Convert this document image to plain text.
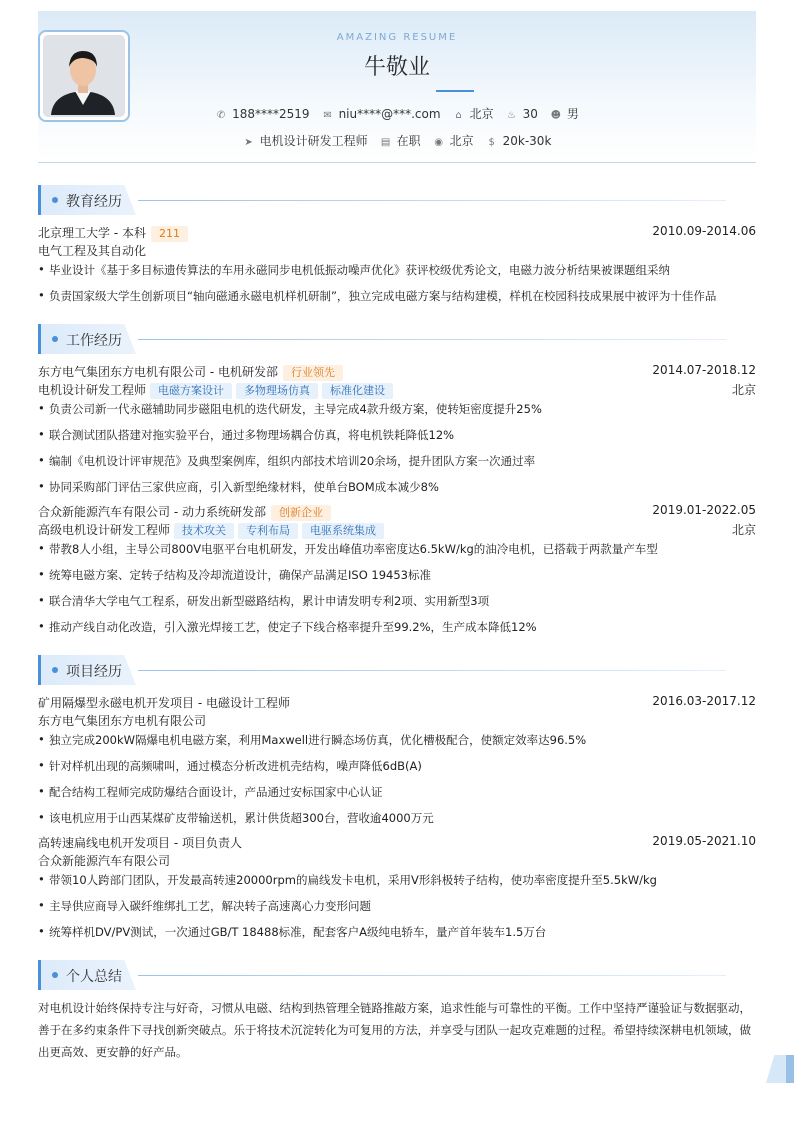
AMAZING RESUME
牛敬业
✆ 188****2519 ✉ niu****@***.com ⌂ 北京 ♨ 30 ☻ 男
➤ 电机设计研发工程师 ▤ 在职 ◉ 北京 $ 20k-30k
教育经历
北京理工大学 - 本科 211	2010.09-2014.06
电气工程及其自动化
毕业设计《基于多目标遗传算法的车用永磁同步电机低振动噪声优化》获评校级优秀论文，电磁力波分析结果被课题组采纳
负责国家级大学生创新项目“轴向磁通永磁电机样机研制”，独立完成电磁方案与结构建模，样机在校园科技成果展中被评为十佳作品
工作经历
东方电气集团东方电机有限公司 - 电机研发部 行业领先	2014.07-2018.12
电机设计研发工程师 电磁方案设计 多物理场仿真 标准化建设	北京
负责公司新一代永磁辅助同步磁阻电机的迭代研发，主导完成4款升级方案，使转矩密度提升25%
联合测试团队搭建对拖实验平台，通过多物理场耦合仿真，将电机铁耗降低12%
编制《电机设计评审规范》及典型案例库，组织内部技术培训20余场，提升团队方案一次通过率
协同采购部门评估三家供应商，引入新型绝缘材料，使单台BOM成本减少8%
合众新能源汽车有限公司 - 动力系统研发部 创新企业	2019.01-2022.05
高级电机设计研发工程师 技术攻关 专利布局 电驱系统集成	北京
带教8人小组，主导公司800V电驱平台电机研发，开发出峰值功率密度达6.5kW/kg的油冷电机，已搭载于两款量产车型
统筹电磁方案、定转子结构及冷却流道设计，确保产品满足ISO 19453标准
联合清华大学电气工程系，研发出新型磁路结构，累计申请发明专利2项、实用新型3项
推动产线自动化改造，引入激光焊接工艺，使定子下线合格率提升至99.2%，生产成本降低12%
项目经历
矿用隔爆型永磁电机开发项目 - 电磁设计工程师	2016.03-2017.12
东方电气集团东方电机有限公司
独立完成200kW隔爆电机电磁方案，利用Maxwell进行瞬态场仿真，优化槽极配合，使额定效率达96.5%
针对样机出现的高频啸叫，通过模态分析改进机壳结构，噪声降低6dB(A)
配合结构工程师完成防爆结合面设计，产品通过安标国家中心认证
该电机应用于山西某煤矿皮带输送机，累计供货超300台，营收逾4000万元
高转速扁线电机开发项目 - 项目负责人	2019.05-2021.10
合众新能源汽车有限公司
带领10人跨部门团队，开发最高转速20000rpm的扁线发卡电机，采用V形斜极转子结构，使功率密度提升至5.5kW/kg
主导供应商导入碳纤维绑扎工艺，解决转子高速离心力变形问题
统筹样机DV/PV测试，一次通过GB/T 18488标准，配套客户A级纯电轿车，量产首年装车1.5万台
个人总结
对电机设计始终保持专注与好奇，习惯从电磁、结构到热管理全链路推敲方案，追求性能与可靠性的平衡。工作中坚持严谨验证与数据驱动，善于在多约束条件下寻找创新突破点。乐于将技术沉淀转化为可复用的方法，并享受与团队一起攻克难题的过程。希望持续深耕电机领域，做出更高效、更安静的好产品。
